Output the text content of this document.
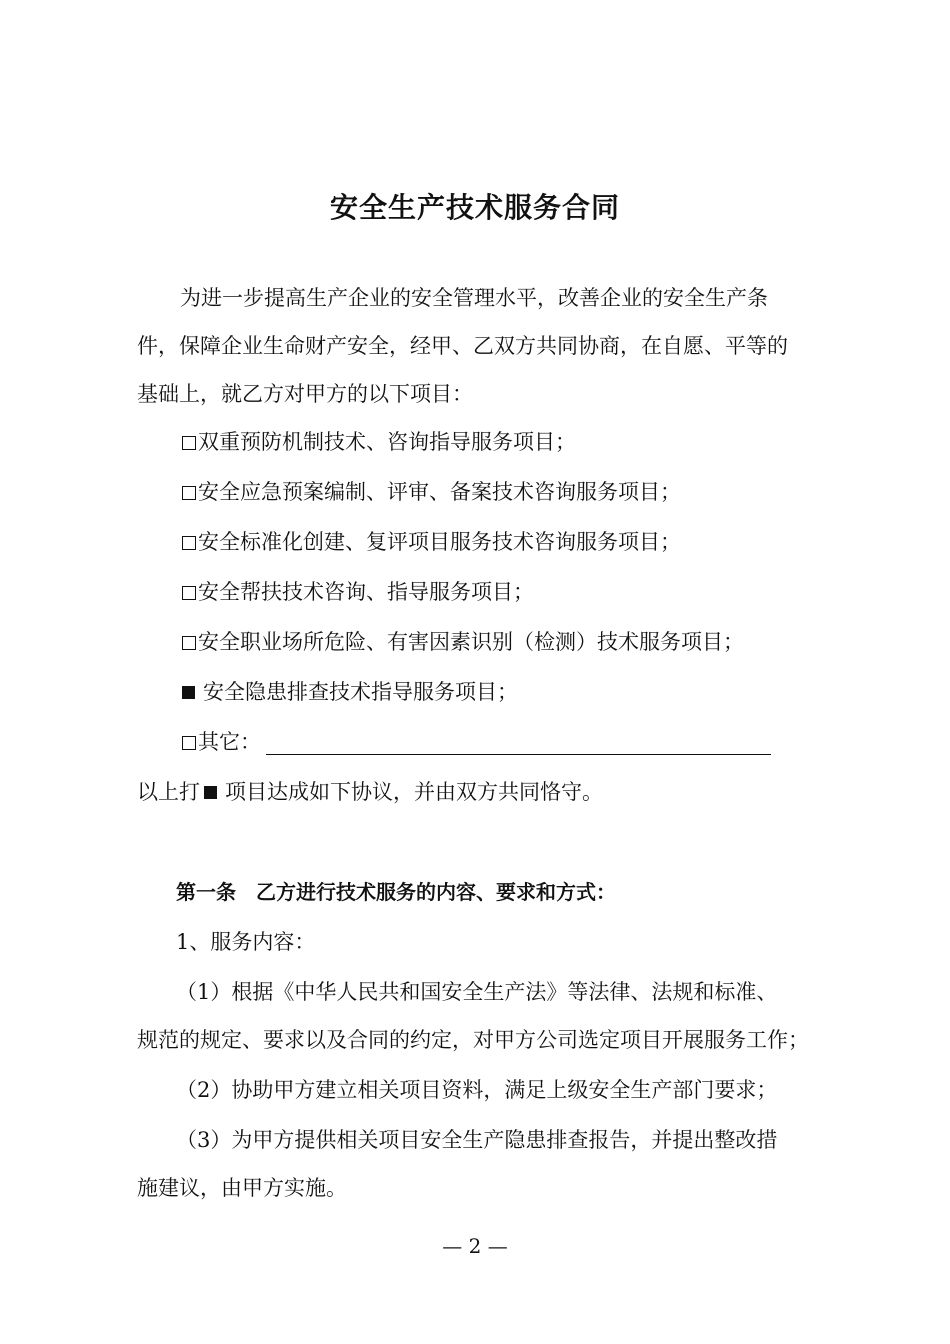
安全生产技术服务合同
为进一步提高生产企业的安全管理水平，改善企业的安全生产条
件，保障企业生命财产安全，经甲、乙双方共同协商，在自愿、平等的
基础上，就乙方对甲方的以下项目：
双重预防机制技术、咨询指导服务项目；
安全应急预案编制、评审、备案技术咨询服务项目；
安全标准化创建、复评项目服务技术咨询服务项目；
安全帮扶技术咨询、指导服务项目；
安全职业场所危险、有害因素识别（检测）技术服务项目；
安全隐患排查技术指导服务项目；
其它：
以上打 项目达成如下协议，并由双方共同恪守。
第一条　乙方进行技术服务的内容、要求和方式：
1、服务内容：
（1）根据《中华人民共和国安全生产法》等法律、法规和标准、
规范的规定、要求以及合同的约定，对甲方公司选定项目开展服务工作；
（2）协助甲方建立相关项目资料，满足上级安全生产部门要求；
（3）为甲方提供相关项目安全生产隐患排查报告，并提出整改措
施建议，由甲方实施。
— 2 —
